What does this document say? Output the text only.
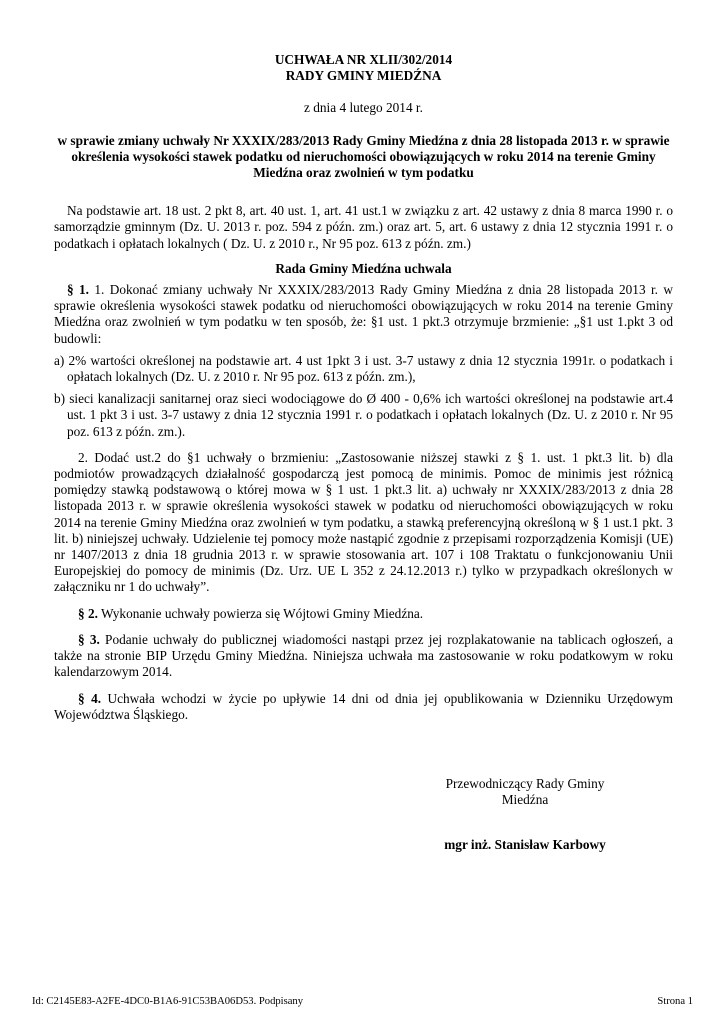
UCHWAŁA NR XLII/302/2014
RADY GMINY MIEDŹNA

z dnia 4 lutego 2014 r.

w sprawie zmiany uchwały Nr XXXIX/283/2013 Rady Gminy Miedźna z dnia 28 listopada 2013 r. w sprawie określenia wysokości stawek podatku od nieruchomości obowiązujących w roku 2014 na terenie Gminy Miedźna oraz zwolnień w tym podatku

Na podstawie art. 18 ust. 2 pkt 8, art. 40 ust. 1, art. 41 ust.1 w związku z art. 42 ustawy z dnia 8 marca 1990 r. o samorządzie gminnym (Dz. U. 2013 r. poz. 594 z późn. zm.) oraz art. 5, art. 6 ustawy z dnia 12 stycznia 1991 r. o podatkach i opłatach lokalnych ( Dz. U. z 2010 r., Nr 95 poz. 613 z późn. zm.)

Rada Gminy Miedźna uchwala

§ 1. 1. Dokonać zmiany uchwały Nr XXXIX/283/2013 Rady Gminy Miedźna z dnia 28 listopada 2013 r. w sprawie określenia wysokości stawek podatku od nieruchomości obowiązujących w roku 2014 na terenie Gminy Miedźna oraz zwolnień w tym podatku w ten sposób, że: §1 ust. 1 pkt.3 otrzymuje brzmienie: „§1 ust 1.pkt 3 od budowli:

a) 2% wartości określonej na podstawie art. 4 ust 1pkt 3 i ust. 3-7 ustawy z dnia 12 stycznia 1991r. o podatkach i opłatach lokalnych (Dz. U. z 2010 r. Nr 95 poz. 613 z późn. zm.),

b) sieci kanalizacji sanitarnej oraz sieci wodociągowe do Ø 400 - 0,6% ich wartości określonej na podstawie art.4 ust. 1 pkt 3 i ust. 3-7 ustawy z dnia 12 stycznia 1991 r. o podatkach i opłatach lokalnych (Dz. U. z 2010 r. Nr 95 poz. 613 z późn. zm.).

2. Dodać ust.2 do §1 uchwały o brzmieniu: „Zastosowanie niższej stawki z § 1. ust. 1 pkt.3 lit. b) dla podmiotów prowadzących działalność gospodarczą jest pomocą de minimis. Pomoc de minimis jest różnicą pomiędzy stawką podstawową o której mowa w § 1 ust. 1 pkt.3 lit. a) uchwały nr XXXIX/283/2013 z dnia 28 listopada 2013 r. w sprawie określenia wysokości stawek w podatku od nieruchomości obowiązujących w roku 2014 na terenie Gminy Miedźna oraz zwolnień w tym podatku, a stawką preferencyjną określoną w § 1 ust.1 pkt. 3 lit. b) niniejszej uchwały. Udzielenie tej pomocy może nastąpić zgodnie z przepisami rozporządzenia Komisji (UE) nr 1407/2013 z dnia 18 grudnia 2013 r. w sprawie stosowania art. 107 i 108 Traktatu o funkcjonowaniu Unii Europejskiej do pomocy de minimis (Dz. Urz. UE L 352 z 24.12.2013 r.) tylko w przypadkach określonych w załączniku nr 1 do uchwały”.

§ 2. Wykonanie uchwały powierza się Wójtowi Gminy Miedźna.

§ 3. Podanie uchwały do publicznej wiadomości nastąpi przez jej rozplakatowanie na tablicach ogłoszeń, a także na stronie BIP Urzędu Gminy Miedźna. Niniejsza uchwała ma zastosowanie w roku podatkowym w roku kalendarzowym 2014.

§ 4. Uchwała wchodzi w życie po upływie 14 dni od dnia jej opublikowania w Dzienniku Urzędowym Województwa Śląskiego.

Przewodniczący Rady Gminy
Miedźna
mgr inż. Stanisław Karbowy
Id: C2145E83-A2FE-4DC0-B1A6-91C53BA06D53. Podpisany	Strona 1
